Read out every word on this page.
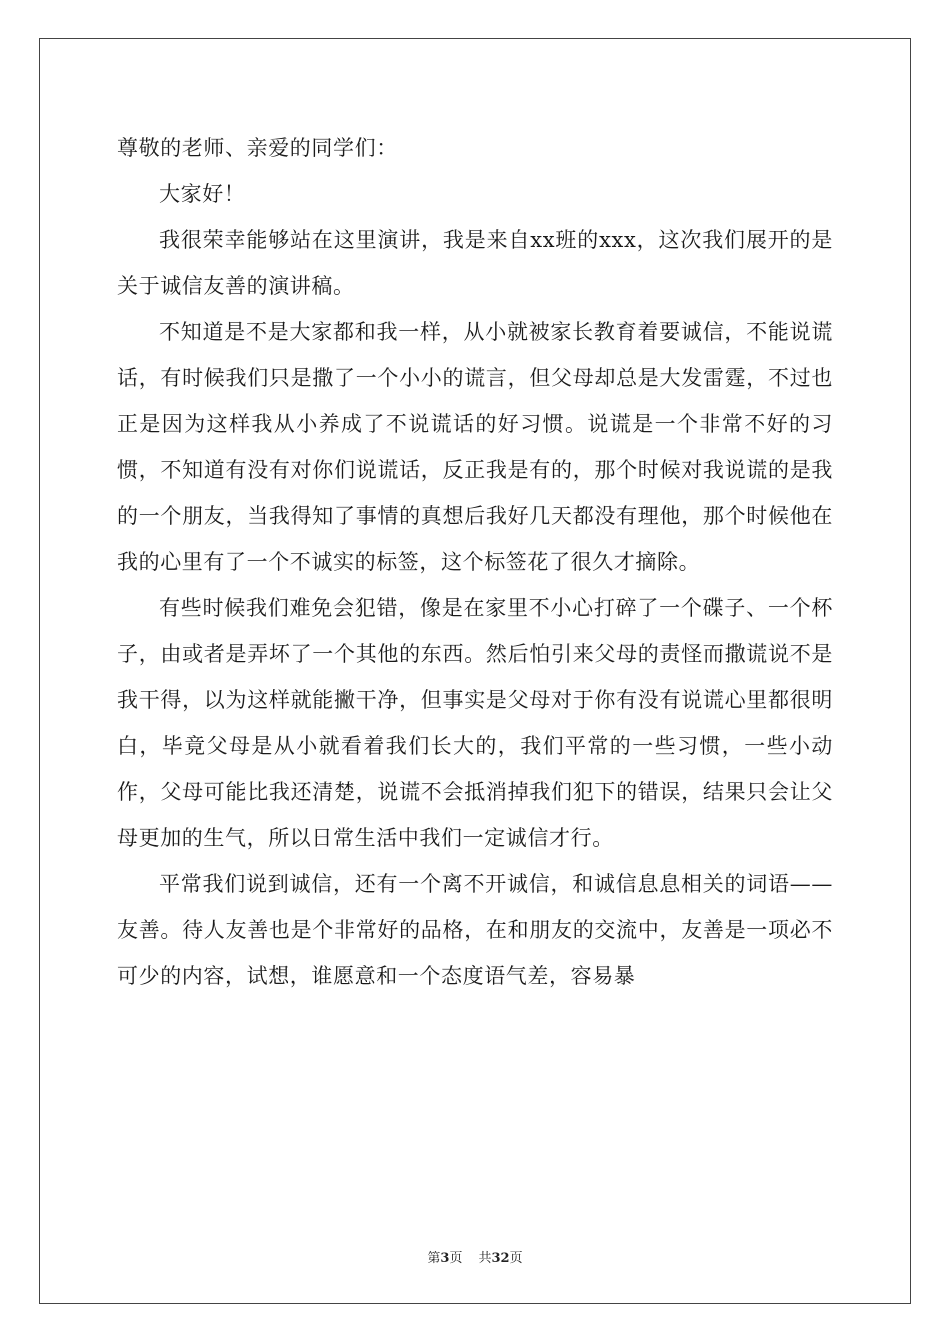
尊敬的老师、亲爱的同学们：

大家好！

我很荣幸能够站在这里演讲，我是来自xx班的xxx，这次我们展开的是关于诚信友善的演讲稿。

不知道是不是大家都和我一样，从小就被家长教育着要诚信，不能说谎话，有时候我们只是撒了一个小小的谎言，但父母却总是大发雷霆，不过也正是因为这样我从小养成了不说谎话的好习惯。说谎是一个非常不好的习惯，不知道有没有对你们说谎话，反正我是有的，那个时候对我说谎的是我的一个朋友，当我得知了事情的真想后我好几天都没有理他，那个时候他在我的心里有了一个不诚实的标签，这个标签花了很久才摘除。

有些时候我们难免会犯错，像是在家里不小心打碎了一个碟子、一个杯子，由或者是弄坏了一个其他的东西。然后怕引来父母的责怪而撒谎说不是我干得，以为这样就能撇干净，但事实是父母对于你有没有说谎心里都很明白，毕竟父母是从小就看着我们长大的，我们平常的一些习惯，一些小动作，父母可能比我还清楚，说谎不会抵消掉我们犯下的错误，结果只会让父母更加的生气，所以日常生活中我们一定诚信才行。

平常我们说到诚信，还有一个离不开诚信，和诚信息息相关的词语——友善。待人友善也是个非常好的品格，在和朋友的交流中，友善是一项必不可少的内容，试想，谁愿意和一个态度语气差，容易暴

第3页 共32页
